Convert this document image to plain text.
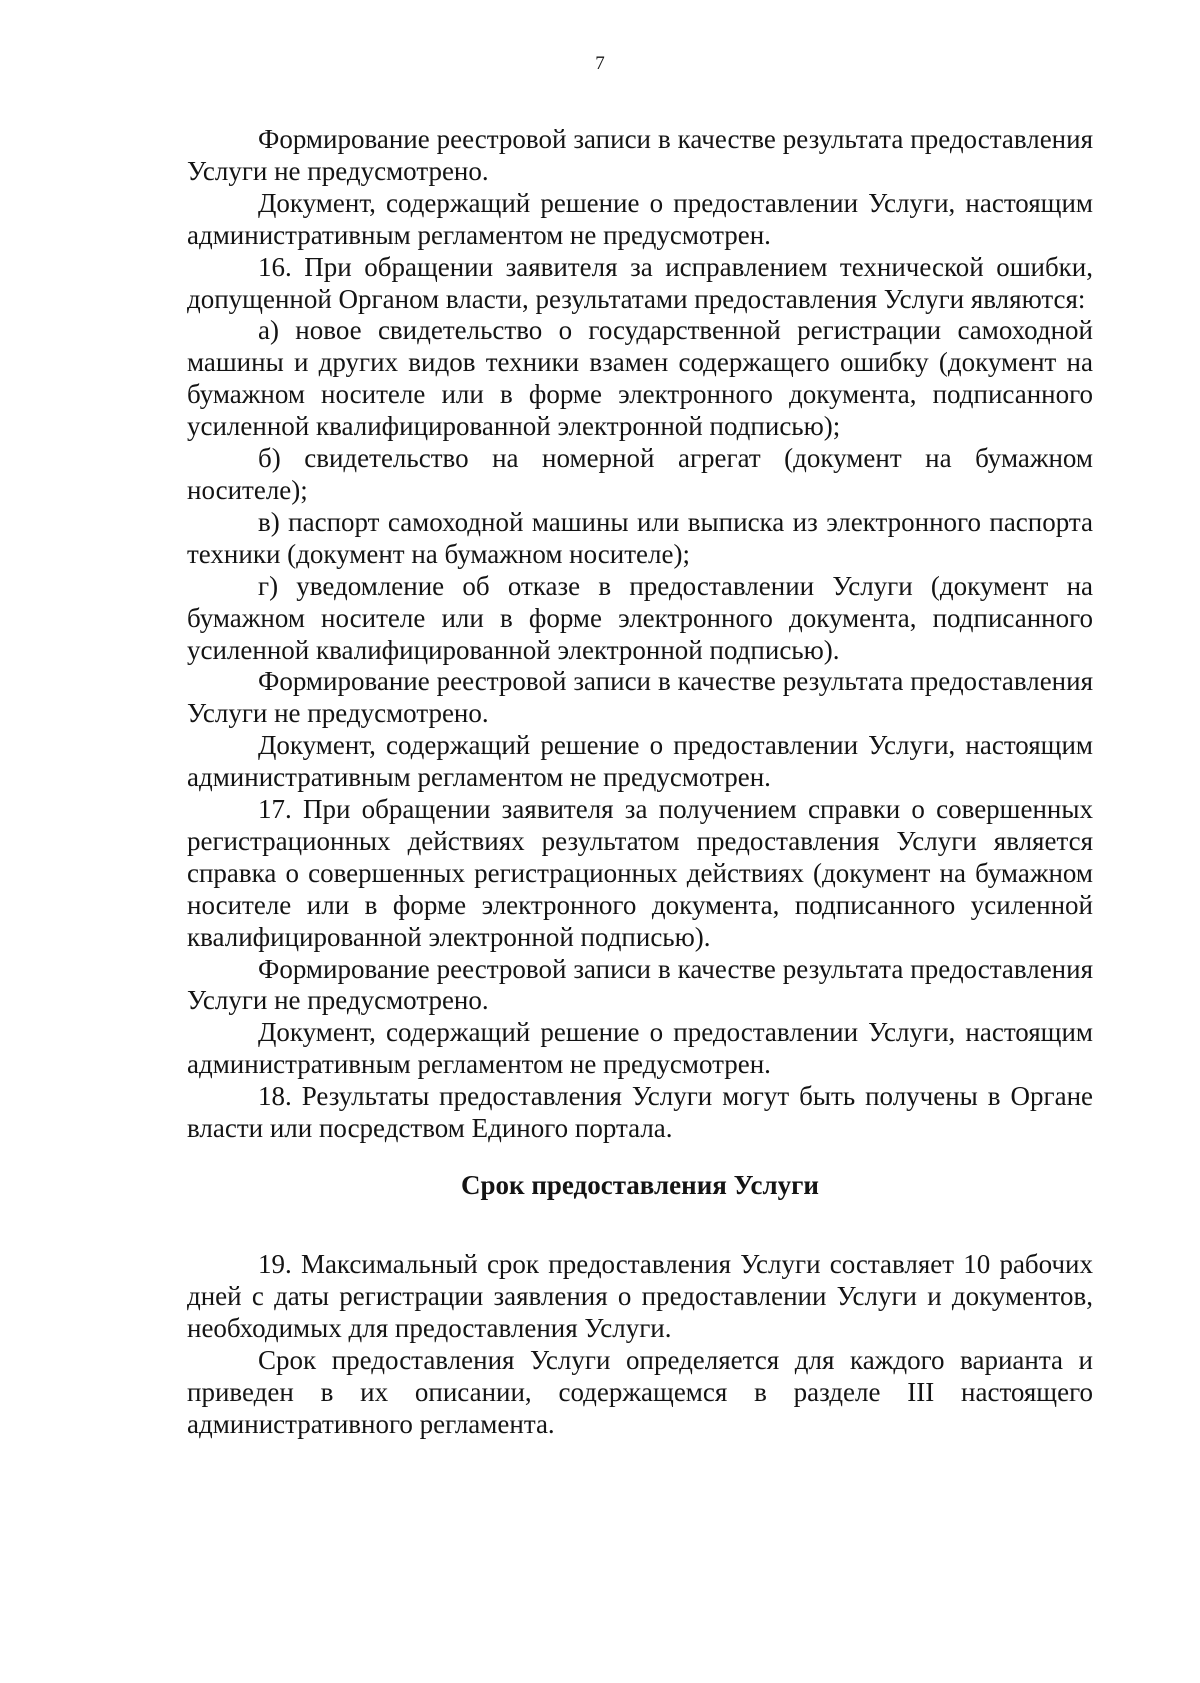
7

Формирование реестровой записи в качестве результата предоставления Услуги не предусмотрено.

Документ, содержащий решение о предоставлении Услуги, настоящим административным регламентом не предусмотрен.

16. При обращении заявителя за исправлением технической ошибки, допущенной Органом власти, результатами предоставления Услуги являются:

а) новое свидетельство о государственной регистрации самоходной машины и других видов техники взамен содержащего ошибку (документ на бумажном носителе или в форме электронного документа, подписанного усиленной квалифицированной электронной подписью);

б) свидетельство на номерной агрегат (документ на бумажном носителе);

в) паспорт самоходной машины или выписка из электронного паспорта техники (документ на бумажном носителе);

г) уведомление об отказе в предоставлении Услуги (документ на бумажном носителе или в форме электронного документа, подписанного усиленной квалифицированной электронной подписью).

Формирование реестровой записи в качестве результата предоставления Услуги не предусмотрено.

Документ, содержащий решение о предоставлении Услуги, настоящим административным регламентом не предусмотрен.

17. При обращении заявителя за получением справки о совершенных регистрационных действиях результатом предоставления Услуги является справка о совершенных регистрационных действиях (документ на бумажном носителе или в форме электронного документа, подписанного усиленной квалифицированной электронной подписью).

Формирование реестровой записи в качестве результата предоставления Услуги не предусмотрено.

Документ, содержащий решение о предоставлении Услуги, настоящим административным регламентом не предусмотрен.

18. Результаты предоставления Услуги могут быть получены в Органе власти или посредством Единого портала.

Срок предоставления Услуги

19. Максимальный срок предоставления Услуги составляет 10 рабочих дней с даты регистрации заявления о предоставлении Услуги и документов, необходимых для предоставления Услуги.

Срок предоставления Услуги определяется для каждого варианта и приведен в их описании, содержащемся в разделе III настоящего административного регламента.
